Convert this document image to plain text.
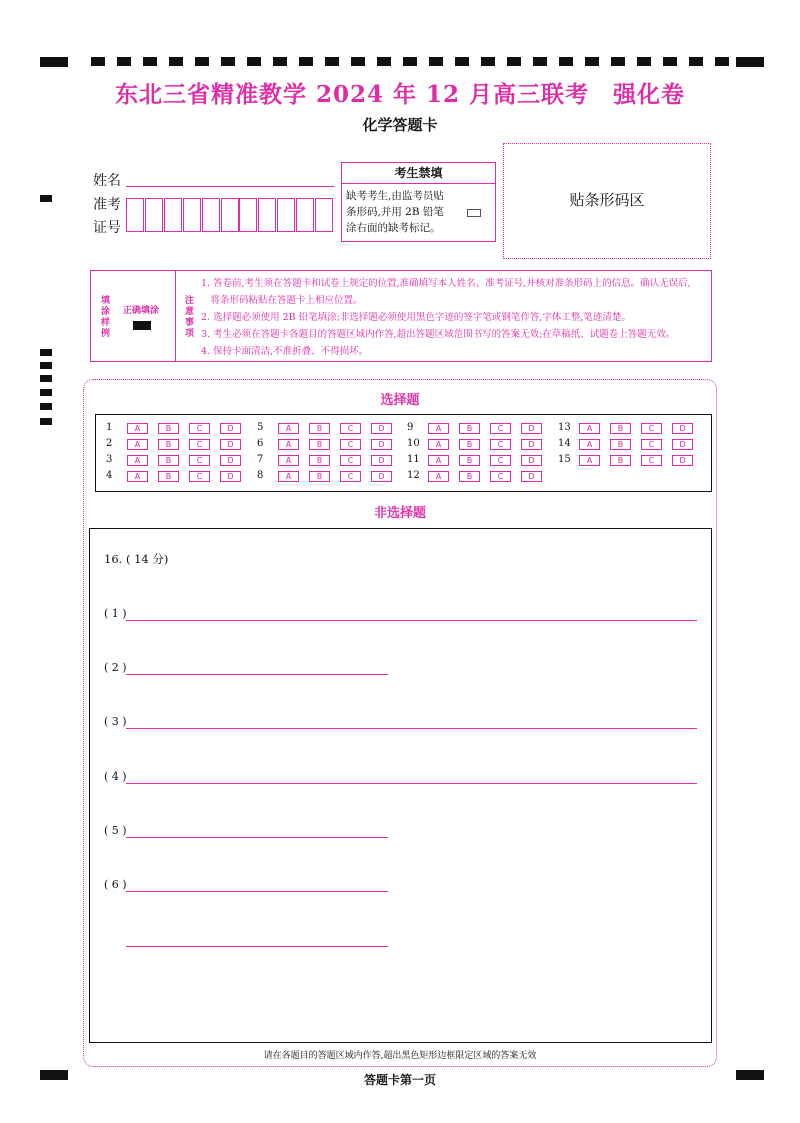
东北三省精准教学 2024 年 12 月高三联考　强化卷
化学答题卡
姓名
准考
证号
考生禁填
缺考考生,由监考员贴条形码,并用 2B 铅笔涂右面的缺考标记。
贴条形码区
填涂样例
正确填涂
注意事项
1. 答卷前,考生须在答题卡和试卷上规定的位置,准确填写本人姓名、准考证号,并核对准条形码上的信息。确认无误后,
　将条形码粘贴在答题卡上相应位置。
2. 选择题必须使用 2B 铅笔填涂;非选择题必须使用黑色字迹的签字笔或钢笔作答,字体工整,笔迹清楚。
3. 考生必须在答题卡各题目的答题区域内作答,超出答题区域范围书写的答案无效;在草稿纸、试题卷上答题无效。
4. 保持卡面清洁,不准折叠、不得损坏。
选择题
1	A	B	C	D
2	A	B	C	D
3	A	B	C	D
4	A	B	C	D
5	A	B	C	D
6	A	B	C	D
7	A	B	C	D
8	A	B	C	D
9	A	B	C	D
10	A	B	C	D
11	A	B	C	D
12	A	B	C	D
13	A	B	C	D
14	A	B	C	D
15	A	B	C	D
非选择题
16. ( 14 分)
( 1 )
( 2 )
( 3 )
( 4 )
( 5 )
( 6 )
请在各题目的答题区域内作答,超出黑色矩形边框限定区域的答案无效
答题卡第一页
